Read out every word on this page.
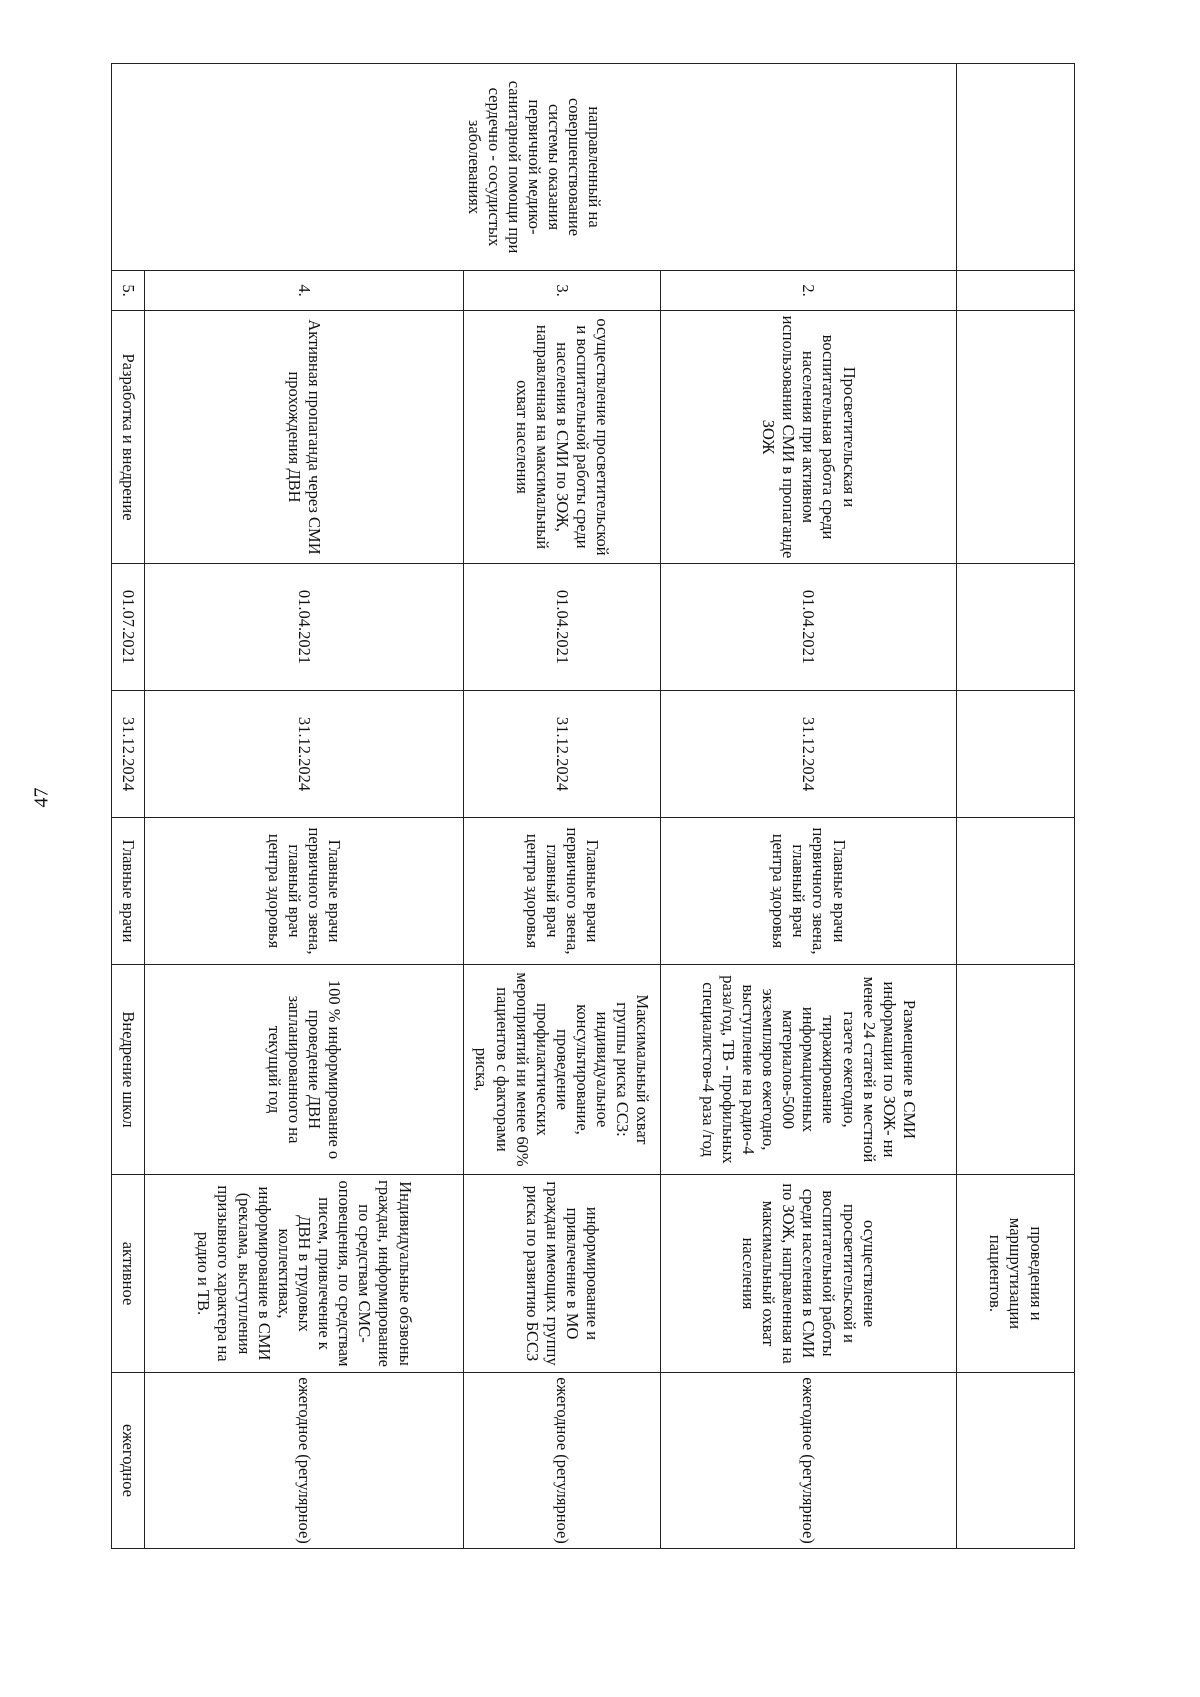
47
							проведения и маршрутизации пациентов.	
направленный на совершенствование системы оказания первичной медико-санитарной помощи при сердечно - сосудистых заболеваниях	2.	Просветительская и воспитательная работа среди населения при активном использовании СМИ в пропаганде ЗОЖ	01.04.2021	31.12.2024	Главные врачи первичного звена, главный врач центра здоровья	Размещение в СМИ информации по ЗОЖ- ни менее 24 статей в местной газете ежегодно, тиражирование информационных материалов-5000 экземпляров ежегодно, выступление на радио-4 раза/год, ТВ - профильных специалистов-4 раза /год	осуществление просветительской и воспитательной работы среди населения в СМИ по ЗОЖ, направленная на максимальный охват населения	ежегодное (регулярное)
	3.	осуществление просветительской и воспитательной работы среди населения в СМИ по ЗОЖ, направленная на максимальный охват населения	01.04.2021	31.12.2024	Главные врачи первичного звена, главный врач центра здоровья	Максимальный охват группы риска ССЗ: индивидуальное консультирование, проведение профилактических мероприятий ни менее 60% пациентов с факторами риска,	информирование и привлечение в МО граждан имеющих группу риска по развитию БССЗ	ежегодное (регулярное)
	4.	Активная пропаганда через СМИ прохождения ДВН	01.04.2021	31.12.2024	Главные врачи первичного звена, главный врач центра здоровья	100 % информирование о проведение ДВН запланированного на текущий год	Индивидуальные обзвоны граждан, информирование по средствам СМС-оповещения, по средствам писем, привлечение к ДВН в трудовых коллективах, информирование в СМИ (реклама, выступления призывного характера на радио и ТВ.	ежегодное (регулярное)
	5.	Разработка и внедрение	01.07.2021	31.12.2024	Главные врачи	Внедрение школ	активное	ежегодное
